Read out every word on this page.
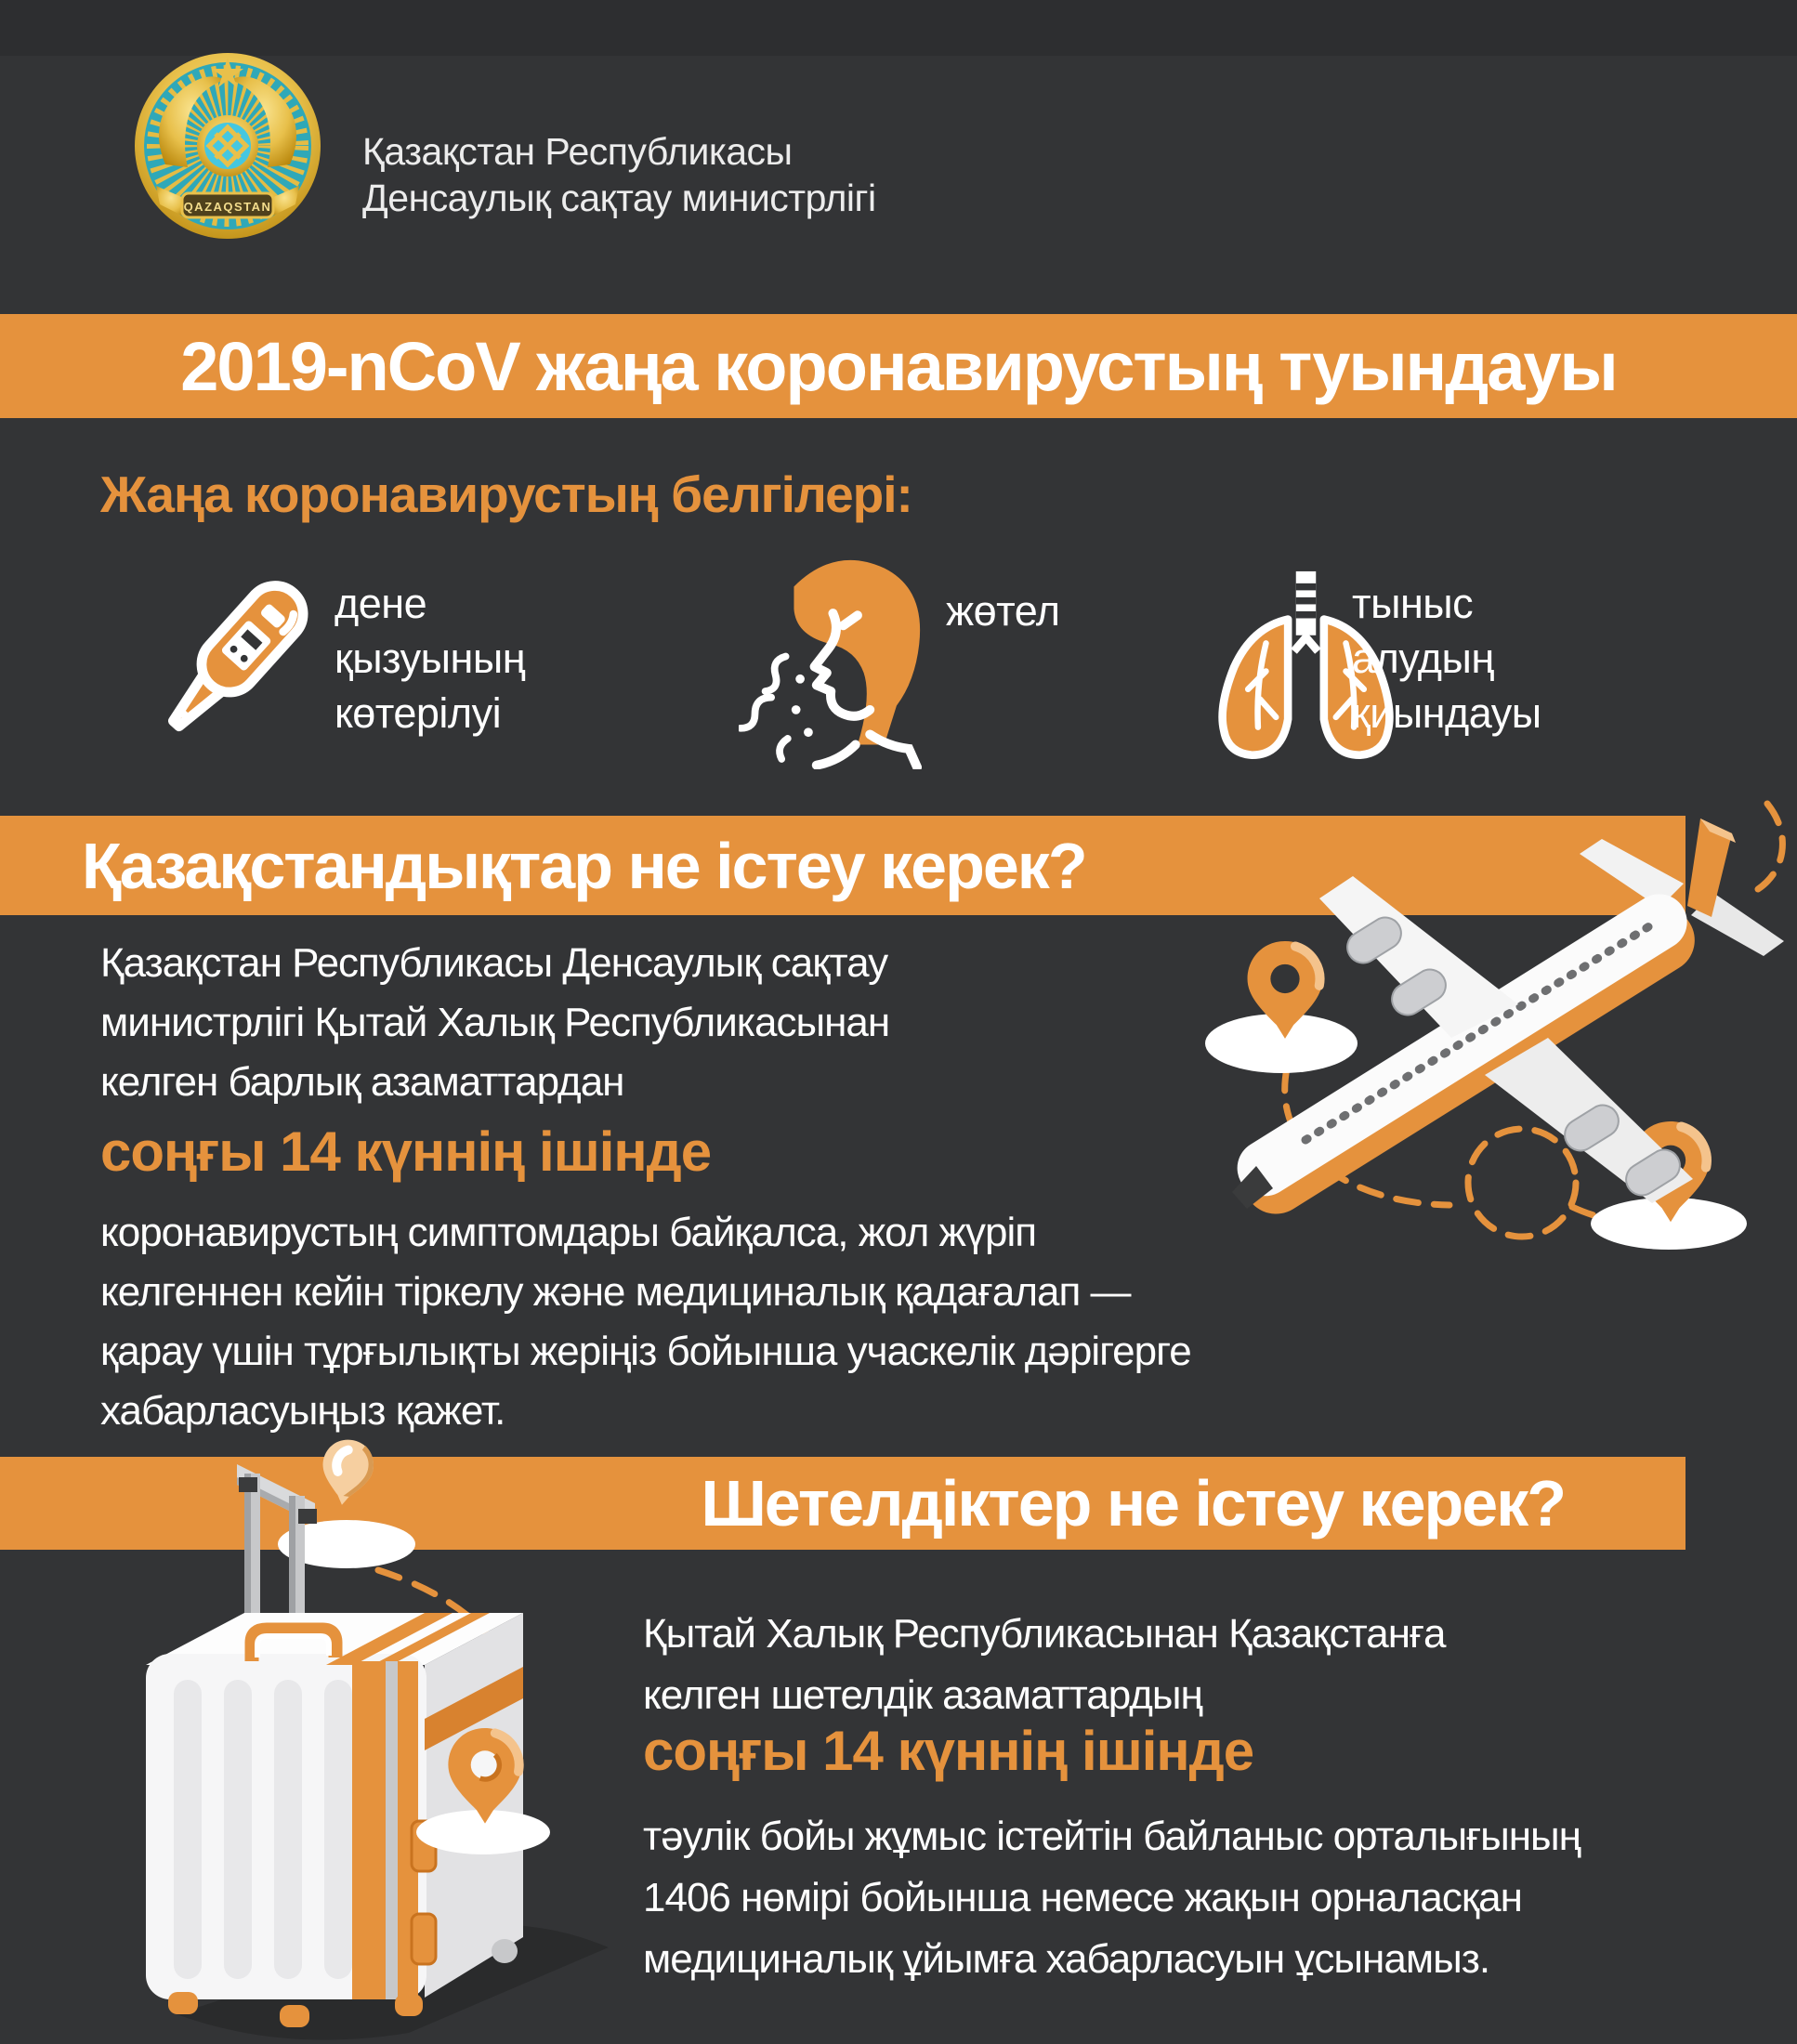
QAZAQSTAN
Қазақстан Республикасы
Денсаулық сақтау министрлігі
2019-nCoV жаңа коронавирустың туындауы
Жаңа коронавирустың белгілері:
дене
қызуының
көтерілуі
жөтел	тыныс
алудың
қиындауы
Қазақстандықтар не істеу керек?
Қазақстан Республикасы Денсаулық сақтау
министрлігі Қытай Халық Республикасынан
келген барлық азаматтардан
соңғы 14 күннің ішінде
коронавирустың симптомдары байқалса, жол жүріп
келгеннен кейін тіркелу және медициналық қадағалап —
қарау үшін тұрғылықты жеріңіз бойынша учаскелік дәрігерге
хабарласуыңыз қажет.
Шетелдіктер не істеу керек?
Қытай Халық Республикасынан Қазақстанға
келген шетелдік азаматтардың
соңғы 14 күннің ішінде
тәулік бойы жұмыс істейтін байланыс орталығының
1406 нөмірі бойынша немесе жақын орналасқан
медициналық ұйымға хабарласуын ұсынамыз.
